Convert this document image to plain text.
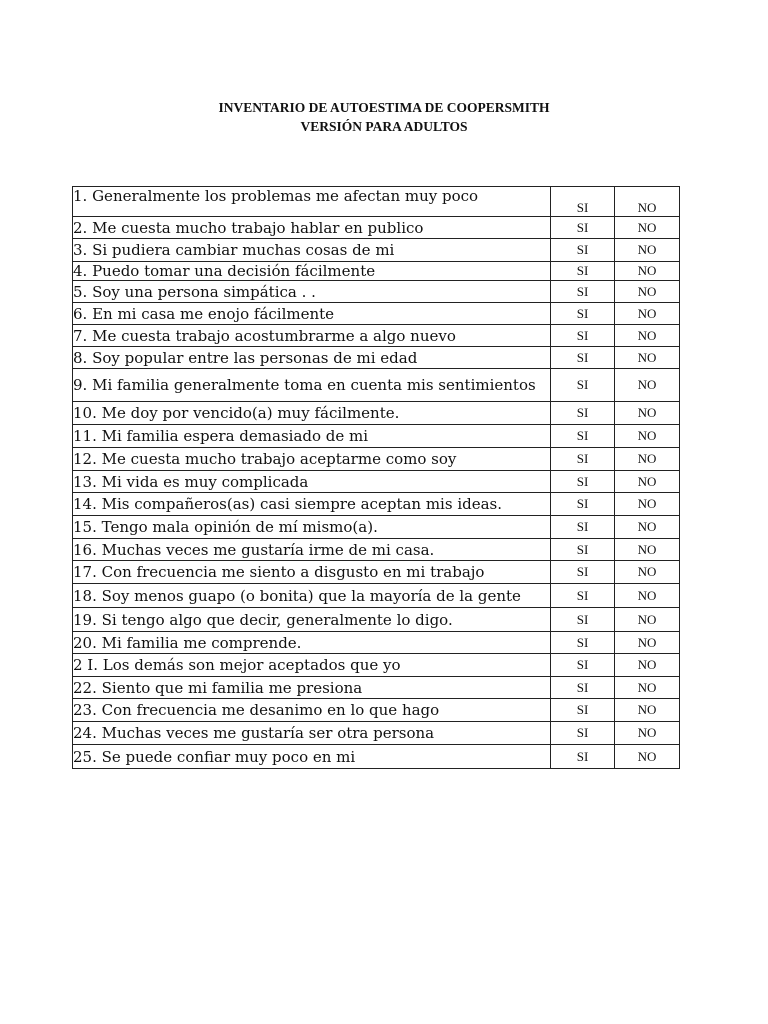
INVENTARIO DE AUTOESTIMA DE COOPERSMITH
VERSIÓN PARA ADULTOS
1. Generalmente los problemas me afectan muy poco	SI	NO
2. Me cuesta mucho trabajo hablar en publico	SI	NO
3. Si pudiera cambiar muchas cosas de mi	SI	NO
4. Puedo tomar una decisión fácilmente	SI	NO
5. Soy una persona simpática . .	SI	NO
6. En mi casa me enojo fácilmente	SI	NO
7. Me cuesta trabajo acostumbrarme a algo nuevo	SI	NO
8. Soy popular entre las personas de mi edad	SI	NO
9. Mi familia generalmente toma en cuenta mis sentimientos	SI	NO
10. Me doy por vencido(a) muy fácilmente.	SI	NO
11. Mi familia espera demasiado de mi	SI	NO
12. Me cuesta mucho trabajo aceptarme como soy	SI	NO
13. Mi vida es muy complicada	SI	NO
14. Mis compañeros(as) casi siempre aceptan mis ideas.	SI	NO
15. Tengo mala opinión de mí mismo(a).	SI	NO
16. Muchas veces me gustaría irme de mi casa.	SI	NO
17. Con frecuencia me siento a disgusto en mi trabajo	SI	NO
18. Soy menos guapo (o bonita) que la mayoría de la gente	SI	NO
19. Si tengo algo que decir, generalmente lo digo.	SI	NO
20. Mi familia me comprende.	SI	NO
2 I. Los demás son mejor aceptados que yo	SI	NO
22. Siento que mi familia me presiona	SI	NO
23. Con frecuencia me desanimo en lo que hago	SI	NO
24. Muchas veces me gustaría ser otra persona	SI	NO
25. Se puede confiar muy poco en mi	SI	NO
